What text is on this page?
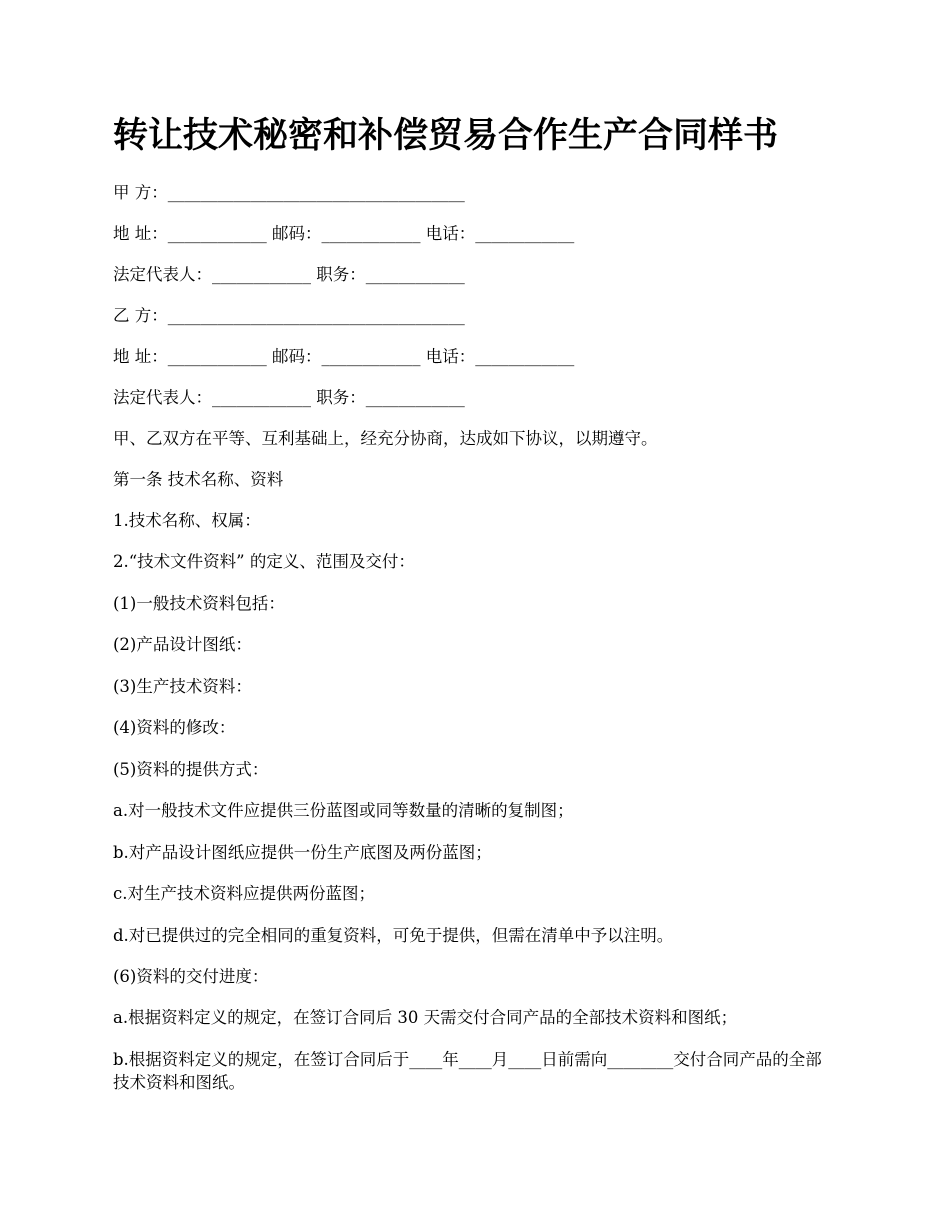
转让技术秘密和补偿贸易合作生产合同样书
甲 方：____________________________________
地 址：____________ 邮码：____________ 电话：____________
法定代表人：____________ 职务：____________
乙 方：____________________________________
地 址：____________ 邮码：____________ 电话：____________
法定代表人：____________ 职务：____________
甲、乙双方在平等、互利基础上，经充分协商，达成如下协议，以期遵守。
第一条 技术名称、资料
1.技术名称、权属：
2.“技术文件资料” 的定义、范围及交付：
(1)一般技术资料包括：
(2)产品设计图纸：
(3)生产技术资料：
(4)资料的修改：
(5)资料的提供方式：
a.对一般技术文件应提供三份蓝图或同等数量的清晰的复制图；
b.对产品设计图纸应提供一份生产底图及两份蓝图；
c.对生产技术资料应提供两份蓝图；
d.对已提供过的完全相同的重复资料，可免于提供，但需在清单中予以注明。
(6)资料的交付进度：
a.根据资料定义的规定，在签订合同后 30 天需交付合同产品的全部技术资料和图纸；
b.根据资料定义的规定，在签订合同后于____年____月____日前需向________交付合同产品的全部技术资料和图纸。
